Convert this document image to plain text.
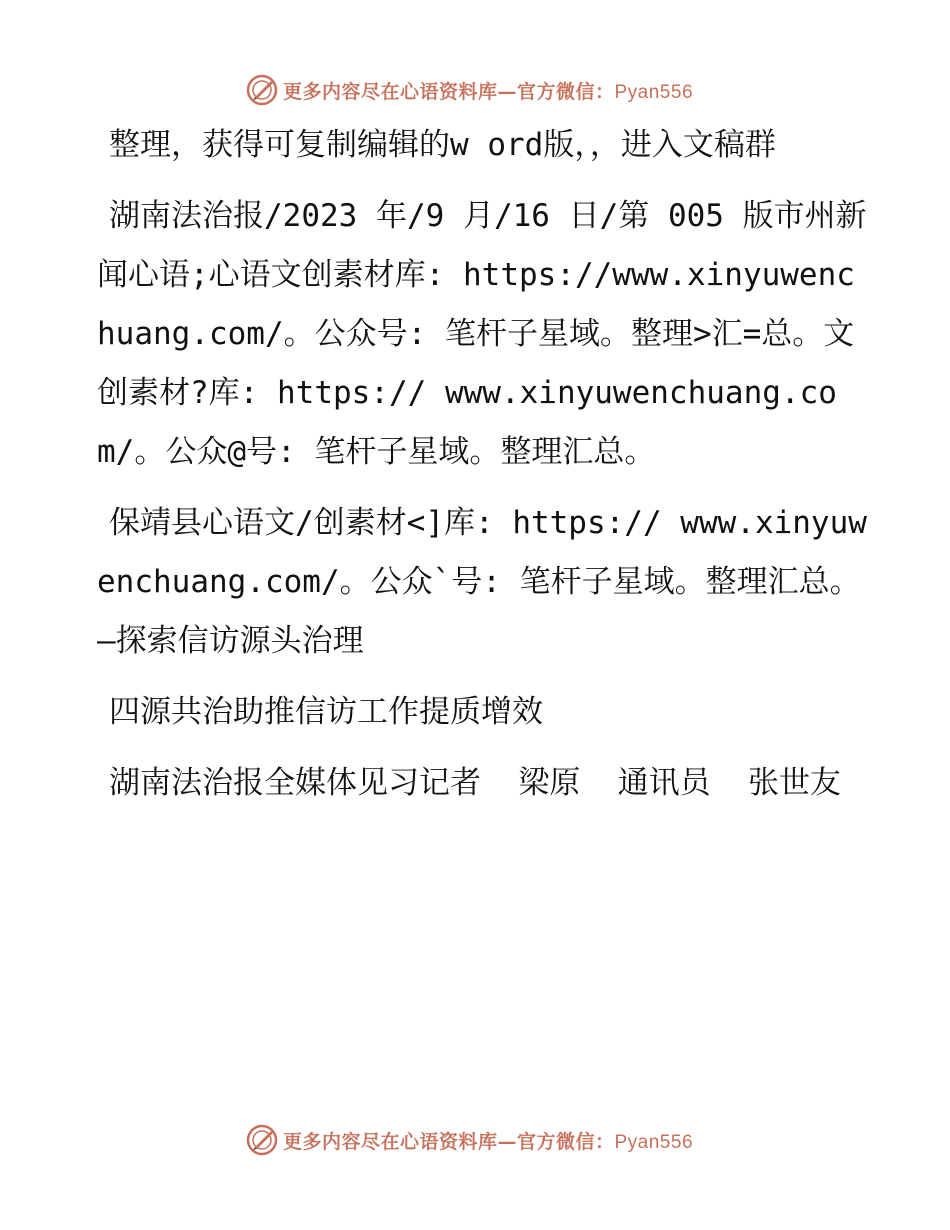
更多内容尽在心语资料库—官方微信：Pyan556

整理，获得可复制编辑的w ord版，，进入文稿群

湖南法治报/2023 年/9 月/16 日/第 005 版市州新闻心语;心语文创素材库: https://www.xinyuwenchuang.com/。公众号: 笔杆子星域。整理>汇=总。文创素材?库: https:// www.xinyuwenchuang.com/。公众@号: 笔杆子星域。整理汇总。

保靖县心语文/创素材<]库: https:// www.xinyuwenchuang.com/。公众`号: 笔杆子星域。整理汇总。—探索信访源头治理

四源共治助推信访工作提质增效

湖南法治报全媒体见习记者  梁原  通讯员  张世友

更多内容尽在心语资料库—官方微信：Pyan556
